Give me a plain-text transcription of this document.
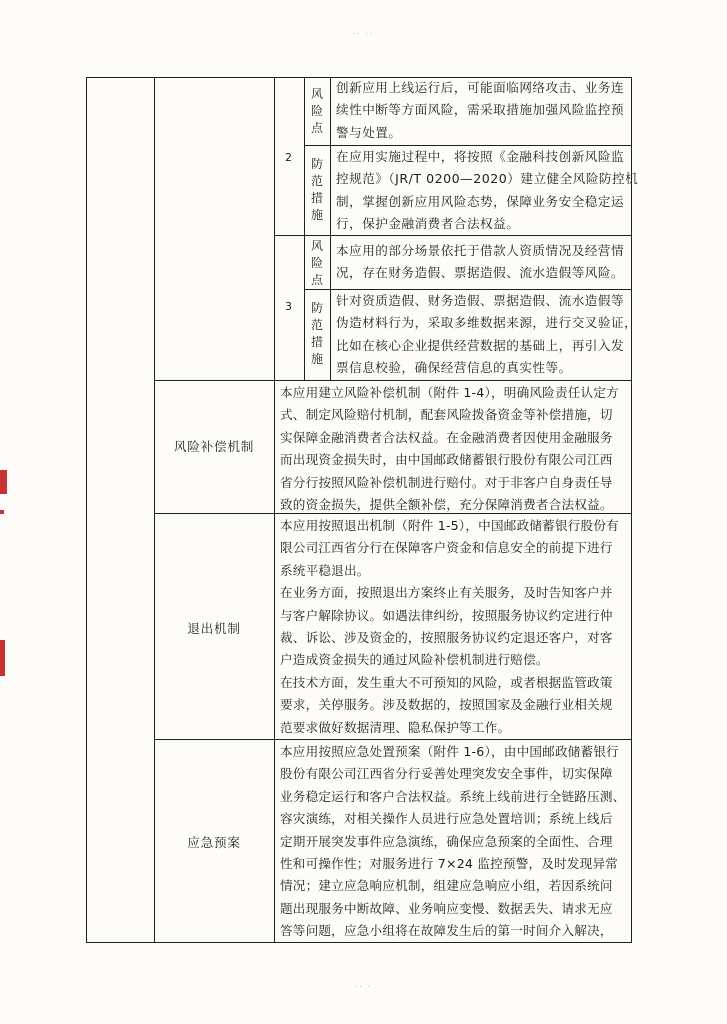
·· ··
2
风险点
创新应用上线运行后，可能面临网络攻击、业务连
续性中断等方面风险，需采取措施加强风险监控预
警与处置。
防范措施
在应用实施过程中，将按照《金融科技创新风险监
控规范》（JR/T 0200—2020）建立健全风险防控机
制，掌握创新应用风险态势，保障业务安全稳定运
行，保护金融消费者合法权益。
3
风险点
本应用的部分场景依托于借款人资质情况及经营情
况，存在财务造假、票据造假、流水造假等风险。
防范措施
针对资质造假、财务造假、票据造假、流水造假等
伪造材料行为，采取多维数据来源，进行交叉验证，
比如在核心企业提供经营数据的基础上，再引入发
票信息校验，确保经营信息的真实性等。
风险补偿机制
本应用建立风险补偿机制（附件 1-4），明确风险责任认定方
式、制定风险赔付机制，配套风险拨备资金等补偿措施，切
实保障金融消费者合法权益。在金融消费者因使用金融服务
而出现资金损失时，由中国邮政储蓄银行股份有限公司江西
省分行按照风险补偿机制进行赔付。对于非客户自身责任导
致的资金损失，提供全额补偿，充分保障消费者合法权益。
退出机制
本应用按照退出机制（附件 1-5），中国邮政储蓄银行股份有
限公司江西省分行在保障客户资金和信息安全的前提下进行
系统平稳退出。
在业务方面，按照退出方案终止有关服务，及时告知客户并
与客户解除协议。如遇法律纠纷，按照服务协议约定进行仲
裁、诉讼、涉及资金的，按照服务协议约定退还客户，对客
户造成资金损失的通过风险补偿机制进行赔偿。
在技术方面，发生重大不可预知的风险，或者根据监管政策
要求，关停服务。涉及数据的，按照国家及金融行业相关规
范要求做好数据清理、隐私保护等工作。
应急预案
本应用按照应急处置预案（附件 1-6），由中国邮政储蓄银行
股份有限公司江西省分行妥善处理突发安全事件，切实保障
业务稳定运行和客户合法权益。系统上线前进行全链路压测、
容灾演练，对相关操作人员进行应急处置培训；系统上线后
定期开展突发事件应急演练，确保应急预案的全面性、合理
性和可操作性；对服务进行 7×24 监控预警，及时发现异常
情况；建立应急响应机制，组建应急响应小组，若因系统问
题出现服务中断故障、业务响应变慢、数据丢失、请求无应
答等问题，应急小组将在故障发生后的第一时间介入解决，
·· ·
